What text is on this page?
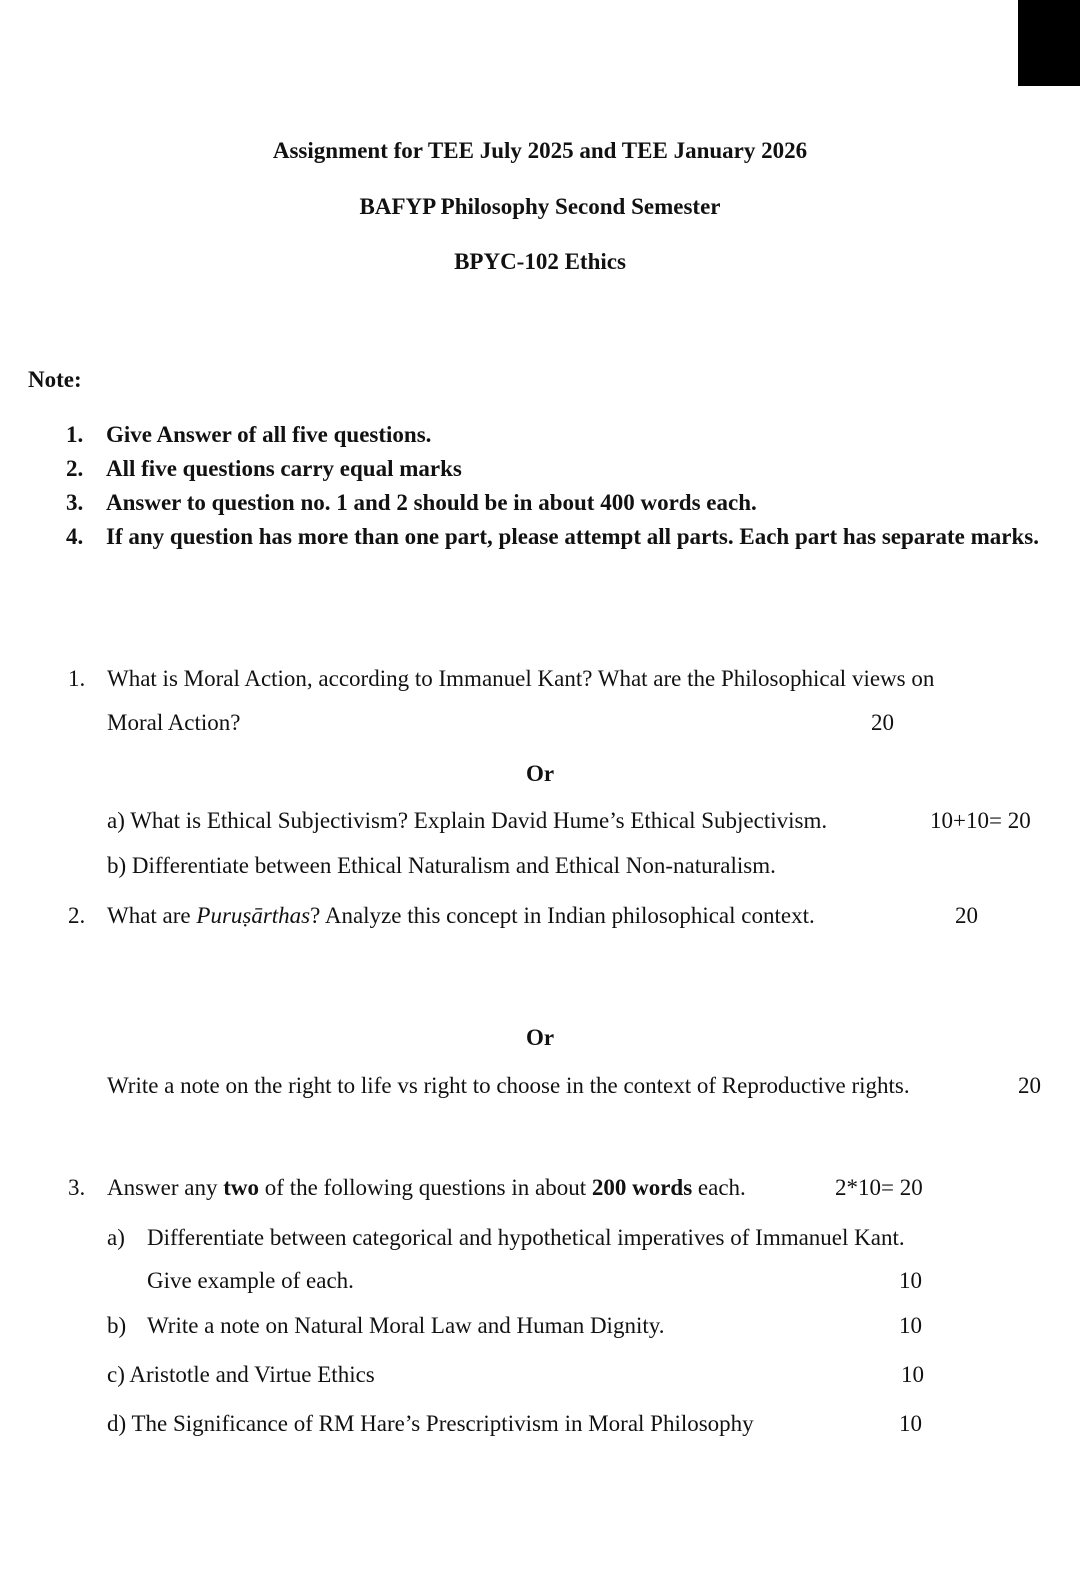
Assignment for TEE July 2025 and TEE January 2026
BAFYP Philosophy Second Semester
BPYC-102 Ethics
Note:
1. Give Answer of all five questions.
2. All five questions carry equal marks
3. Answer to question no. 1 and 2 should be in about 400 words each.
4. If any question has more than one part, please attempt all parts. Each part has separate marks.
1. What is Moral Action, according to Immanuel Kant? What are the Philosophical views on
Moral Action?	20
Or
a) What is Ethical Subjectivism? Explain David Hume’s Ethical Subjectivism.	10+10= 20
b) Differentiate between Ethical Naturalism and Ethical Non-naturalism.
2. What are Puruṣārthas? Analyze this concept in Indian philosophical context.	20
Or
Write a note on the right to life vs right to choose in the context of Reproductive rights.	20
3. Answer any two of the following questions in about 200 words each.	2*10= 20
a) Differentiate between categorical and hypothetical imperatives of Immanuel Kant.
Give example of each.	10
b) Write a note on Natural Moral Law and Human Dignity.	10
c) Aristotle and Virtue Ethics	10
d) The Significance of RM Hare’s Prescriptivism in Moral Philosophy	10
